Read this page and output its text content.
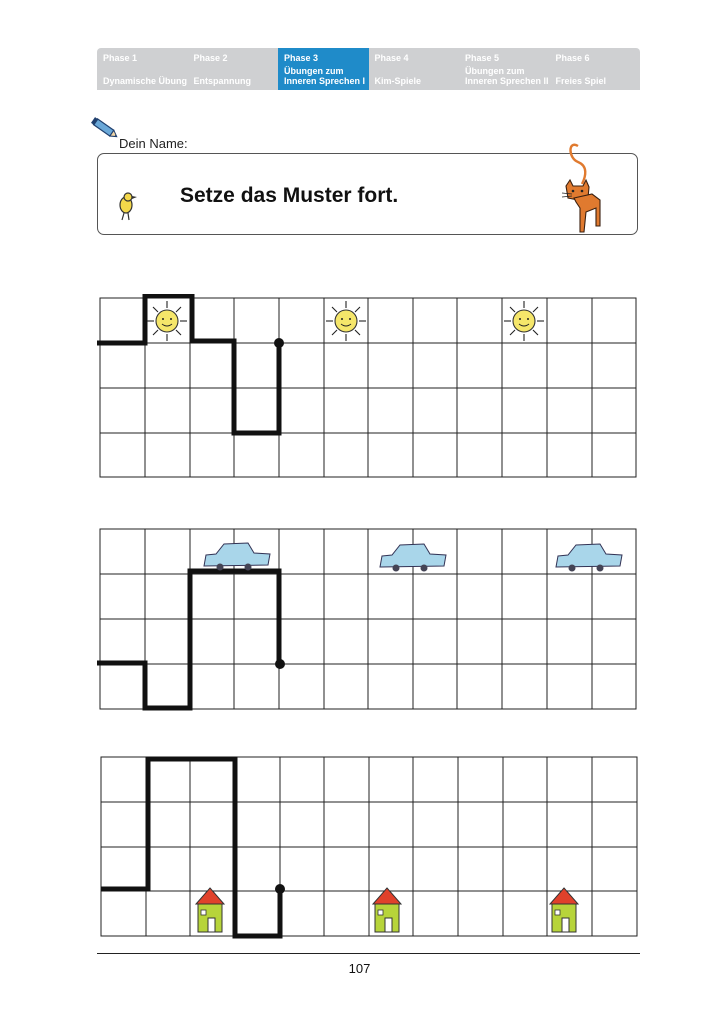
Phase 1
Dynamische Übung
Phase 2
Entspannung
Phase 3
Übungen zum
Inneren Sprechen I
Phase 4
Kim-Spiele
Phase 5
Übungen zum
Inneren Sprechen II
Phase 6
Freies Spiel
Dein Name:
Setze das Muster fort.
107
